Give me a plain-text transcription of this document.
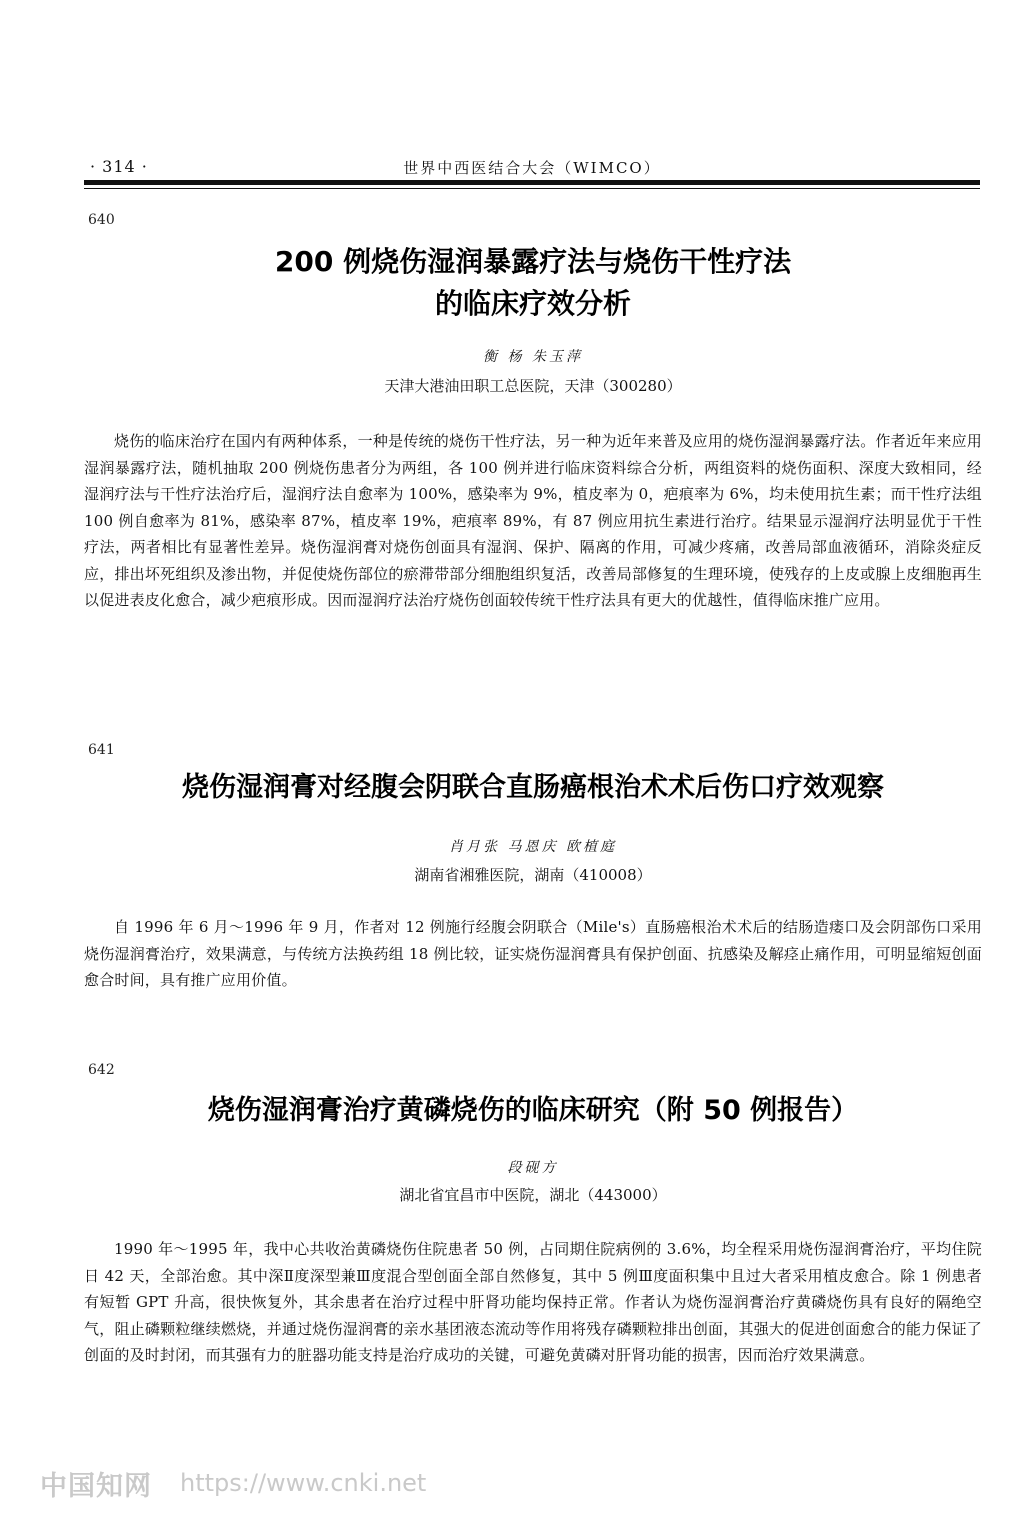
· 314 ·	世界中西医结合大会（WIMCO）
640
200 例烧伤湿润暴露疗法与烧伤干性疗法
的临床疗效分析
衡 杨 朱玉萍
天津大港油田职工总医院，天津（300280）
烧伤的临床治疗在国内有两种体系，一种是传统的烧伤干性疗法，另一种为近年来普及应用的烧伤湿润暴露疗法。作者近年来应用湿润暴露疗法，随机抽取 200 例烧伤患者分为两组，各 100 例并进行临床资料综合分析，两组资料的烧伤面积、深度大致相同，经湿润疗法与干性疗法治疗后，湿润疗法自愈率为 100%，感染率为 9%，植皮率为 0，疤痕率为 6%，均未使用抗生素；而干性疗法组 100 例自愈率为 81%，感染率 87%，植皮率 19%，疤痕率 89%，有 87 例应用抗生素进行治疗。结果显示湿润疗法明显优于干性疗法，两者相比有显著性差异。烧伤湿润膏对烧伤创面具有湿润、保护、隔离的作用，可减少疼痛，改善局部血液循环，消除炎症反应，排出坏死组织及渗出物，并促使烧伤部位的瘀滞带部分细胞组织复活，改善局部修复的生理环境，使残存的上皮或腺上皮细胞再生以促进表皮化愈合，减少疤痕形成。因而湿润疗法治疗烧伤创面较传统干性疗法具有更大的优越性，值得临床推广应用。
641
烧伤湿润膏对经腹会阴联合直肠癌根治术术后伤口疗效观察
肖月张 马恩庆 欧植庭
湖南省湘雅医院，湖南（410008）
自 1996 年 6 月～1996 年 9 月，作者对 12 例施行经腹会阴联合（Mile's）直肠癌根治术术后的结肠造瘘口及会阴部伤口采用烧伤湿润膏治疗，效果满意，与传统方法换药组 18 例比较，证实烧伤湿润膏具有保护创面、抗感染及解痉止痛作用，可明显缩短创面愈合时间，具有推广应用价值。
642
烧伤湿润膏治疗黄磷烧伤的临床研究（附 50 例报告）
段砚方
湖北省宜昌市中医院，湖北（443000）
1990 年～1995 年，我中心共收治黄磷烧伤住院患者 50 例，占同期住院病例的 3.6%，均全程采用烧伤湿润膏治疗，平均住院日 42 天，全部治愈。其中深Ⅱ度深型兼Ⅲ度混合型创面全部自然修复，其中 5 例Ⅲ度面积集中且过大者采用植皮愈合。除 1 例患者有短暂 GPT 升高，很快恢复外，其余患者在治疗过程中肝肾功能均保持正常。作者认为烧伤湿润膏治疗黄磷烧伤具有良好的隔绝空气，阻止磷颗粒继续燃烧，并通过烧伤湿润膏的亲水基团液态流动等作用将残存磷颗粒排出创面，其强大的促进创面愈合的能力保证了创面的及时封闭，而其强有力的脏器功能支持是治疗成功的关键，可避免黄磷对肝肾功能的损害，因而治疗效果满意。
中国知网 https://www.cnki.net
